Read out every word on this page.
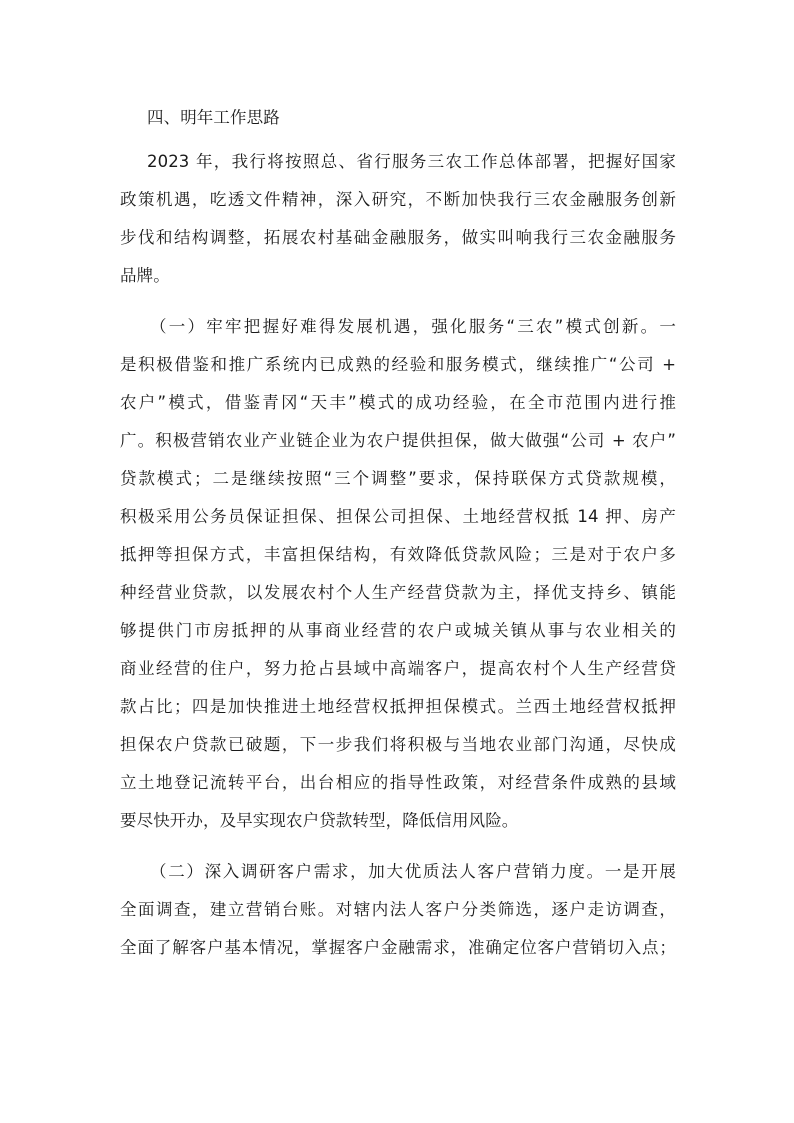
四、明年工作思路
2023 年，我行将按照总、省行服务三农工作总体部署，把握好国家
政策机遇，吃透文件精神，深入研究，不断加快我行三农金融服务创新
步伐和结构调整，拓展农村基础金融服务，做实叫响我行三农金融服务
品牌。
（一）牢牢把握好难得发展机遇，强化服务“三农”模式创新。一
是积极借鉴和推广系统内已成熟的经验和服务模式，继续推广“公司 +
农户”模式，借鉴青冈“天丰”模式的成功经验，在全市范围内进行推
广。积极营销农业产业链企业为农户提供担保，做大做强“公司 + 农户”
贷款模式；二是继续按照“三个调整”要求，保持联保方式贷款规模，
积极采用公务员保证担保、担保公司担保、土地经营权抵 14 押、房产
抵押等担保方式，丰富担保结构，有效降低贷款风险；三是对于农户多
种经营业贷款，以发展农村个人生产经营贷款为主，择优支持乡、镇能
够提供门市房抵押的从事商业经营的农户或城关镇从事与农业相关的
商业经营的住户，努力抢占县域中高端客户，提高农村个人生产经营贷
款占比；四是加快推进土地经营权抵押担保模式。兰西土地经营权抵押
担保农户贷款已破题，下一步我们将积极与当地农业部门沟通，尽快成
立土地登记流转平台，出台相应的指导性政策，对经营条件成熟的县域
要尽快开办，及早实现农户贷款转型，降低信用风险。
（二）深入调研客户需求，加大优质法人客户营销力度。一是开展
全面调查，建立营销台账。对辖内法人客户分类筛选，逐户走访调查，
全面了解客户基本情况，掌握客户金融需求，准确定位客户营销切入点；
